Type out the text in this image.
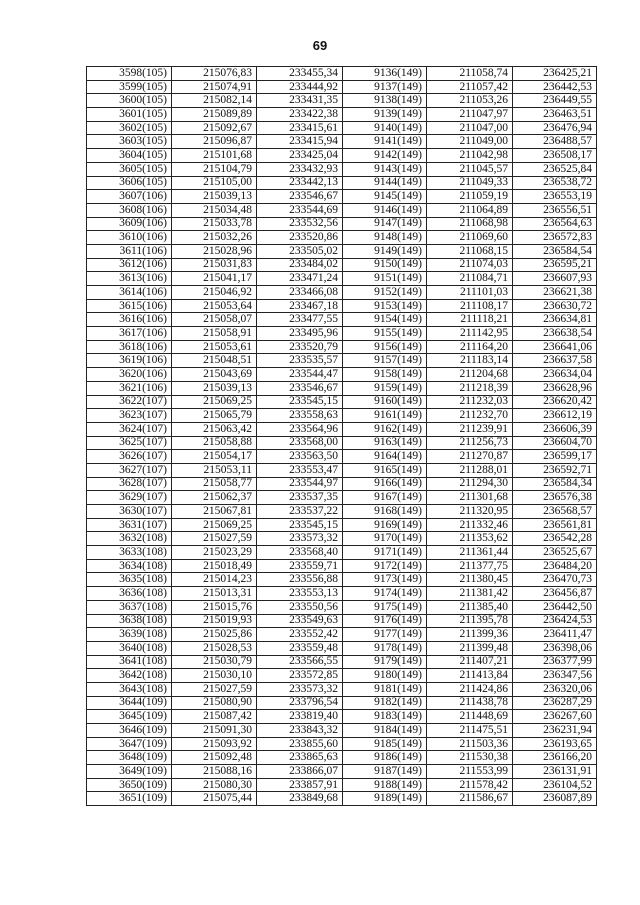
69
3598(105)	215076,83	233455,34	9136(149)	211058,74	236425,21
3599(105)	215074,91	233444,92	9137(149)	211057,42	236442,53
3600(105)	215082,14	233431,35	9138(149)	211053,26	236449,55
3601(105)	215089,89	233422,38	9139(149)	211047,97	236463,51
3602(105)	215092,67	233415,61	9140(149)	211047,00	236476,94
3603(105)	215096,87	233415,94	9141(149)	211049,00	236488,57
3604(105)	215101,68	233425,04	9142(149)	211042,98	236508,17
3605(105)	215104,79	233432,93	9143(149)	211045,57	236525,84
3606(105)	215105,00	233442,13	9144(149)	211049,33	236538,72
3607(106)	215039,13	233546,67	9145(149)	211059,19	236553,19
3608(106)	215034,48	233544,69	9146(149)	211064,89	236556,51
3609(106)	215033,78	233532,56	9147(149)	211068,98	236564,63
3610(106)	215032,26	233520,86	9148(149)	211069,60	236572,83
3611(106)	215028,96	233505,02	9149(149)	211068,15	236584,54
3612(106)	215031,83	233484,02	9150(149)	211074,03	236595,21
3613(106)	215041,17	233471,24	9151(149)	211084,71	236607,93
3614(106)	215046,92	233466,08	9152(149)	211101,03	236621,38
3615(106)	215053,64	233467,18	9153(149)	211108,17	236630,72
3616(106)	215058,07	233477,55	9154(149)	211118,21	236634,81
3617(106)	215058,91	233495,96	9155(149)	211142,95	236638,54
3618(106)	215053,61	233520,79	9156(149)	211164,20	236641,06
3619(106)	215048,51	233535,57	9157(149)	211183,14	236637,58
3620(106)	215043,69	233544,47	9158(149)	211204,68	236634,04
3621(106)	215039,13	233546,67	9159(149)	211218,39	236628,96
3622(107)	215069,25	233545,15	9160(149)	211232,03	236620,42
3623(107)	215065,79	233558,63	9161(149)	211232,70	236612,19
3624(107)	215063,42	233564,96	9162(149)	211239,91	236606,39
3625(107)	215058,88	233568,00	9163(149)	211256,73	236604,70
3626(107)	215054,17	233563,50	9164(149)	211270,87	236599,17
3627(107)	215053,11	233553,47	9165(149)	211288,01	236592,71
3628(107)	215058,77	233544,97	9166(149)	211294,30	236584,34
3629(107)	215062,37	233537,35	9167(149)	211301,68	236576,38
3630(107)	215067,81	233537,22	9168(149)	211320,95	236568,57
3631(107)	215069,25	233545,15	9169(149)	211332,46	236561,81
3632(108)	215027,59	233573,32	9170(149)	211353,62	236542,28
3633(108)	215023,29	233568,40	9171(149)	211361,44	236525,67
3634(108)	215018,49	233559,71	9172(149)	211377,75	236484,20
3635(108)	215014,23	233556,88	9173(149)	211380,45	236470,73
3636(108)	215013,31	233553,13	9174(149)	211381,42	236456,87
3637(108)	215015,76	233550,56	9175(149)	211385,40	236442,50
3638(108)	215019,93	233549,63	9176(149)	211395,78	236424,53
3639(108)	215025,86	233552,42	9177(149)	211399,36	236411,47
3640(108)	215028,53	233559,48	9178(149)	211399,48	236398,06
3641(108)	215030,79	233566,55	9179(149)	211407,21	236377,99
3642(108)	215030,10	233572,85	9180(149)	211413,84	236347,56
3643(108)	215027,59	233573,32	9181(149)	211424,86	236320,06
3644(109)	215080,90	233796,54	9182(149)	211438,78	236287,29
3645(109)	215087,42	233819,40	9183(149)	211448,69	236267,60
3646(109)	215091,30	233843,32	9184(149)	211475,51	236231,94
3647(109)	215093,92	233855,60	9185(149)	211503,36	236193,65
3648(109)	215092,48	233865,63	9186(149)	211530,38	236166,20
3649(109)	215088,16	233866,07	9187(149)	211553,99	236131,91
3650(109)	215080,30	233857,91	9188(149)	211578,42	236104,52
3651(109)	215075,44	233849,68	9189(149)	211586,67	236087,89
